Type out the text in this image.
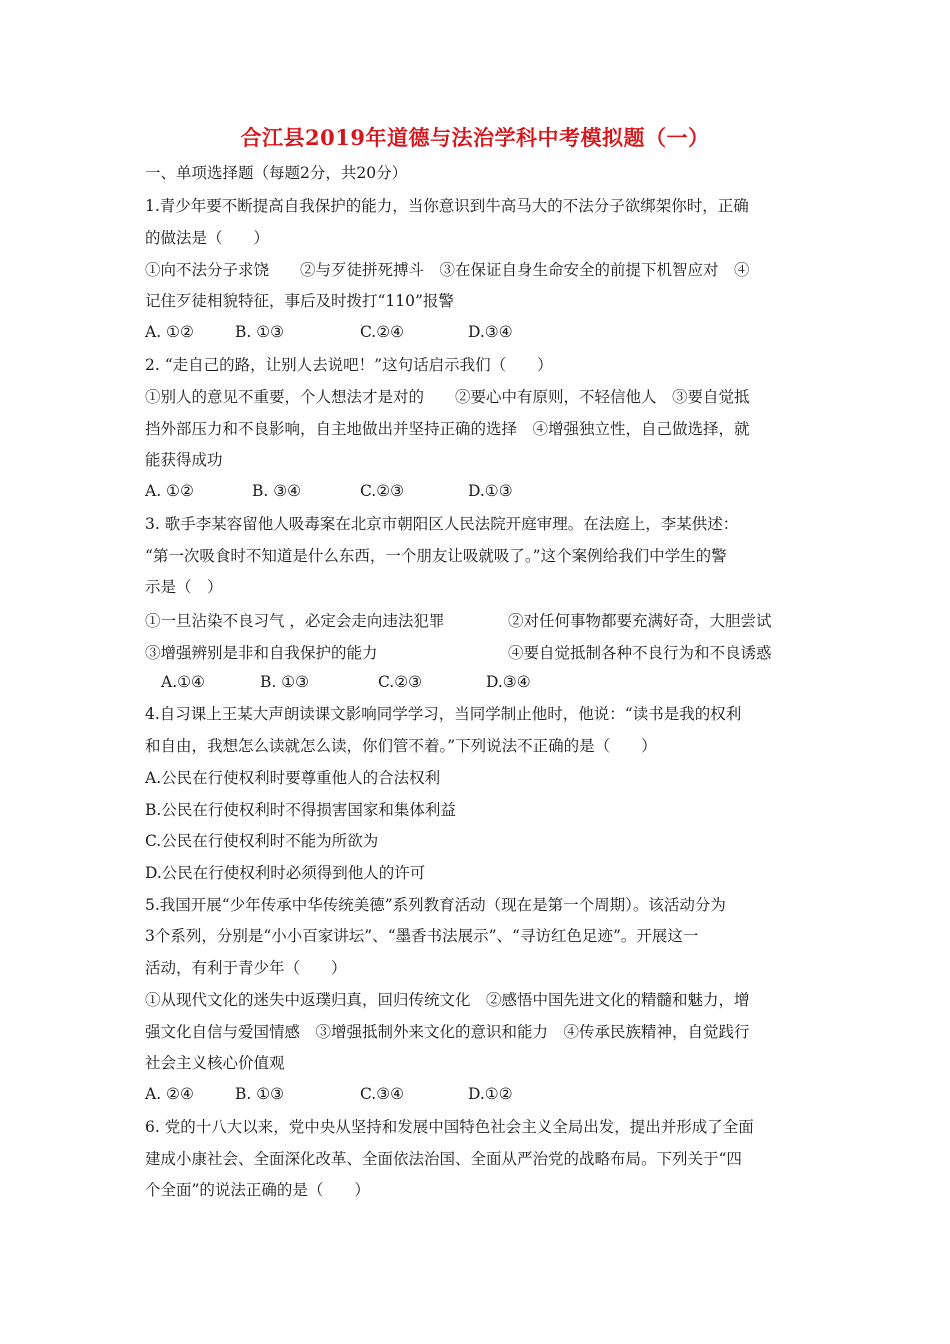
合江县2019年道德与法治学科中考模拟题（一）
一、单项选择题（每题2分，共20分）
1.青少年要不断提高自我保护的能力，当你意识到牛高马大的不法分子欲绑架你时，正确
的做法是（　　）
①向不法分子求饶　　②与歹徒拼死搏斗　③在保证自身生命安全的前提下机智应对　④
记住歹徒相貌特征，事后及时拨打“110”报警
A. ①②	B. ①③	C.②④	D.③④
2. “走自己的路，让别人去说吧！”这句话启示我们（　　）
①别人的意见不重要，个人想法才是对的　　②要心中有原则，不轻信他人　③要自觉抵
挡外部压力和不良影响，自主地做出并坚持正确的选择　④增强独立性，自己做选择，就
能获得成功
A. ①②	B. ③④	C.②③	D.①③
3. 歌手李某容留他人吸毒案在北京市朝阳区人民法院开庭审理。在法庭上，李某供述：
“第一次吸食时不知道是什么东西，一个朋友让吸就吸了。”这个案例给我们中学生的警
示是（　）
①一旦沾染不良习气 ，必定会走向违法犯罪	②对任何事物都要充满好奇，大胆尝试
③增强辨别是非和自我保护的能力	④要自觉抵制各种不良行为和不良诱惑
A.①④	B. ①③	C.②③	D.③④
4.自习课上王某大声朗读课文影响同学学习，当同学制止他时，他说：“读书是我的权利
和自由，我想怎么读就怎么读，你们管不着。”下列说法不正确的是（　　）
A.公民在行使权利时要尊重他人的合法权利
B.公民在行使权利时不得损害国家和集体利益
C.公民在行使权利时不能为所欲为
D.公民在行使权利时必须得到他人的许可
5.我国开展“少年传承中华传统美德”系列教育活动（现在是第一个周期）。该活动分为
3个系列，分别是“小小百家讲坛”、“墨香书法展示”、“寻访红色足迹”。开展这一
活动，有利于青少年（　　）
①从现代文化的迷失中返璞归真，回归传统文化　②感悟中国先进文化的精髓和魅力，增
强文化自信与爱国情感　③增强抵制外来文化的意识和能力　④传承民族精神，自觉践行
社会主义核心价值观
A. ②④	B. ①③	C.③④	D.①②
6. 党的十八大以来，党中央从坚持和发展中国特色社会主义全局出发，提出并形成了全面
建成小康社会、全面深化改革、全面依法治国、全面从严治党的战略布局。下列关于“四
个全面”的说法正确的是（　　）
